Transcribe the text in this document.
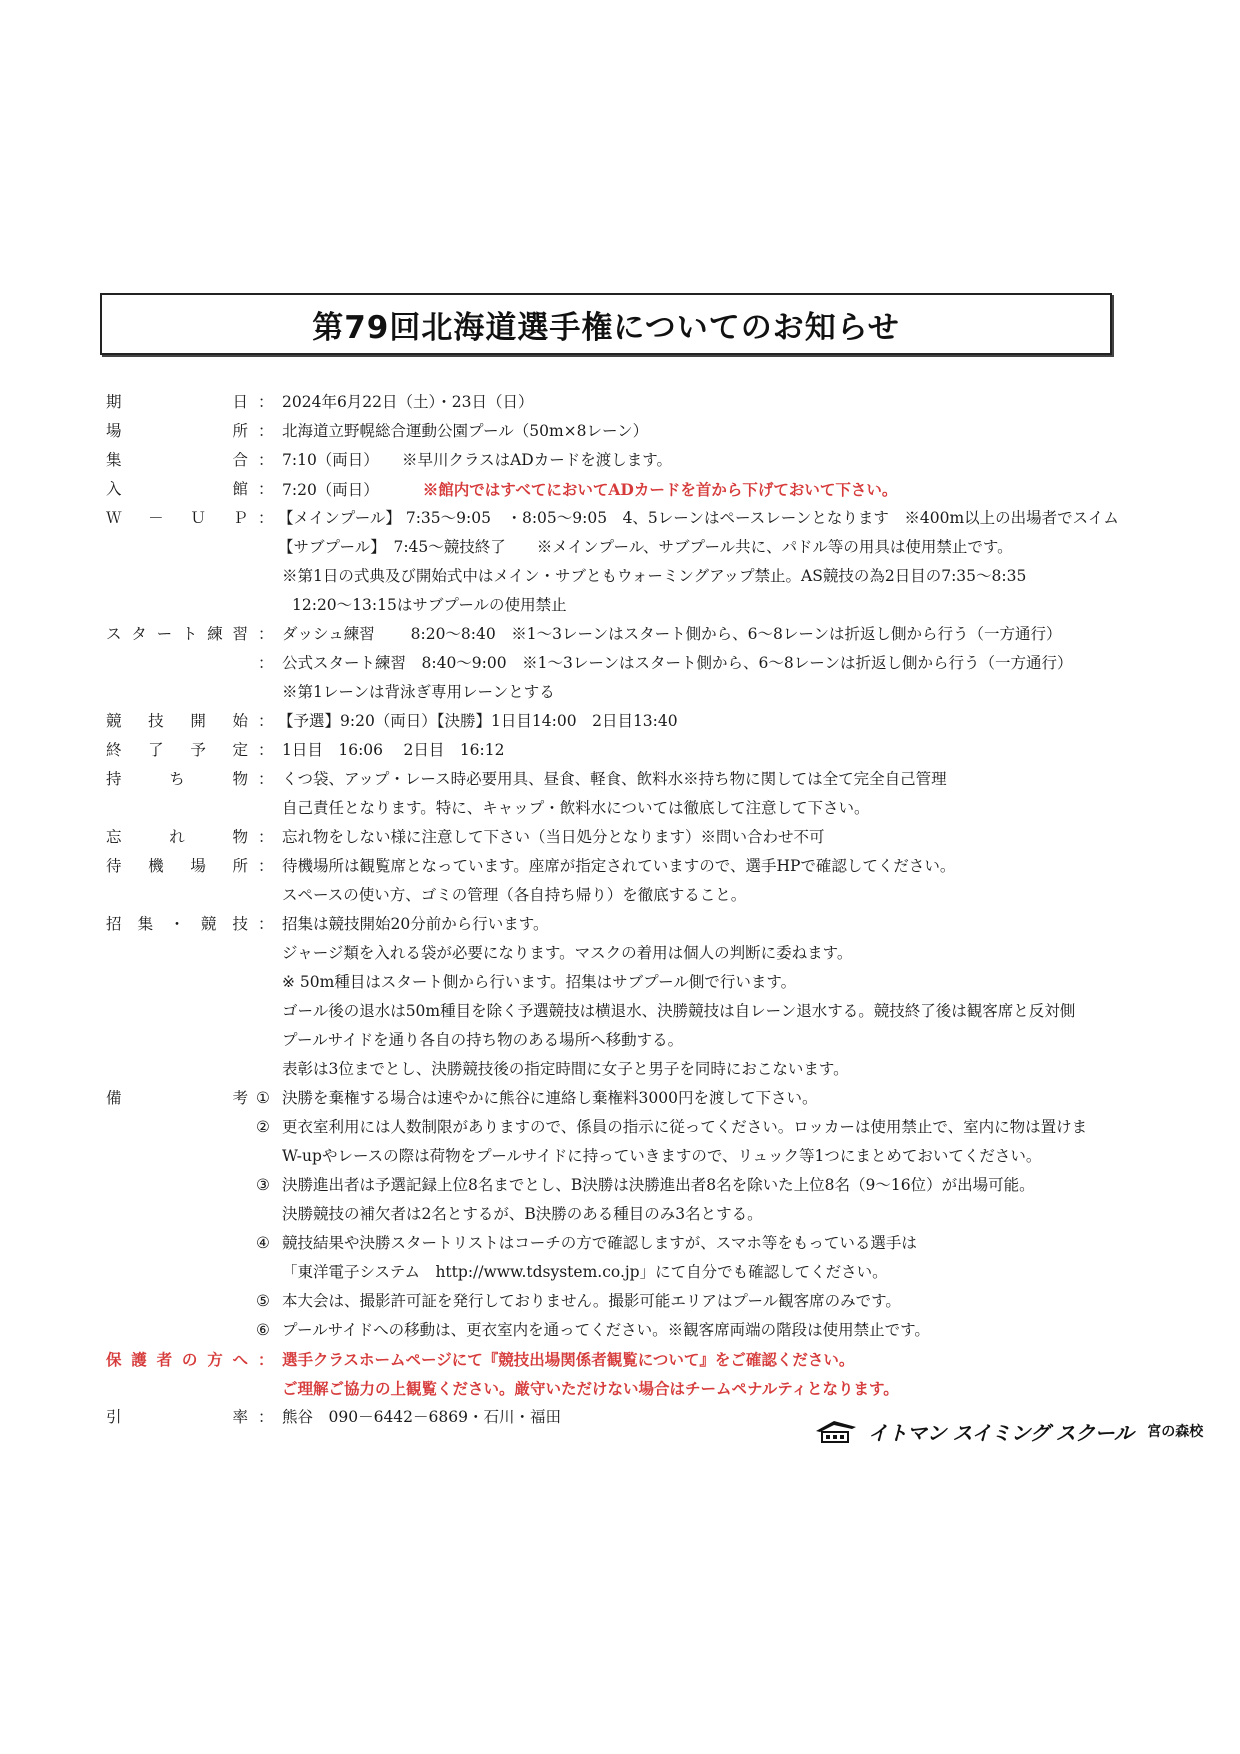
第79回北海道選手権についてのお知らせ
期	日 ： 2024年6月22日（土）・23日（日）
場	所 ： 北海道立野幌総合運動公園プール（50m×8レーン）
集	合 ： 7:10（両日）　　※早川クラスはADカードを渡します。
入	館 ： 7:20（両日）	※館内ではすべてにおいてADカードを首から下げておいて下さい。
Ｗ － Ｕ Ｐ ： 【メインプール】 7:35～9:05　・8:05～9:05　4、5レーンはペースレーンとなります　※400m以上の出場者でスイム
【サブプール】　7:45～競技終了　　※メインプール、サブプール共に、パドル等の用具は使用禁止です。
※第1日の式典及び開始式中はメイン・サブともウォーミングアップ禁止。AS競技の為2日目の7:35～8:35
12:20～13:15はサブプールの使用禁止
ス タ ー ト 練 習 ： ダッシュ練習　　 8:20～8:40　※1～3レーンはスタート側から、6～8レーンは折返し側から行う（一方通行）
： 公式スタート練習　8:40～9:00　※1～3レーンはスタート側から、6～8レーンは折返し側から行う（一方通行）
※第1レーンは背泳ぎ専用レーンとする
競 技 開 始 ： 【予選】9:20（両日）【決勝】1日目14:00　2日目13:40
終 了 予 定 ： 1日目　16:06　 2日目　16:12
持	ち	物 ： くつ袋、アップ・レース時必要用具、昼食、軽食、飲料水※持ち物に関しては全て完全自己管理
自己責任となります。特に、キャップ・飲料水については徹底して注意して下さい。
忘	れ	物 ： 忘れ物をしない様に注意して下さい（当日処分となります）※問い合わせ不可
待 機 場 所 ： 待機場所は観覧席となっています。座席が指定されていますので、選手HPで確認してください。
スペースの使い方、ゴミの管理（各自持ち帰り）を徹底すること。
招 集 ・ 競 技 ： 招集は競技開始20分前から行います。
ジャージ類を入れる袋が必要になります。マスクの着用は個人の判断に委ねます。
※ 50m種目はスタート側から行います。招集はサブプール側で行います。
ゴール後の退水は50m種目を除く予選競技は横退水、決勝競技は自レーン退水する。競技終了後は観客席と反対側
プールサイドを通り各自の持ち物のある場所へ移動する。
表彰は3位までとし、決勝競技後の指定時間に女子と男子を同時におこないます。
備	考 ① 決勝を棄権する場合は速やかに熊谷に連絡し棄権料3000円を渡して下さい。
② 更衣室利用には人数制限がありますので、係員の指示に従ってください。ロッカーは使用禁止で、室内に物は置けま
W-upやレースの際は荷物をプールサイドに持っていきますので、リュック等1つにまとめておいてください。
③ 決勝進出者は予選記録上位8名までとし、B決勝は決勝進出者8名を除いた上位8名（9～16位）が出場可能。
決勝競技の補欠者は2名とするが、B決勝のある種目のみ3名とする。
④ 競技結果や決勝スタートリストはコーチの方で確認しますが、スマホ等をもっている選手は
「東洋電子システム　http://www.tdsystem.co.jp」にて自分でも確認してください。
⑤ 本大会は、撮影許可証を発行しておりません。撮影可能エリアはプール観客席のみです。
⑥ プールサイドへの移動は、更衣室内を通ってください。※観客席両端の階段は使用禁止です。
保 護 者 の 方 へ ： 選手クラスホームページにて『競技出場関係者観覧について』をご確認ください。
ご理解ご協力の上観覧ください。厳守いただけない場合はチームペナルティとなります。
引	率 ： 熊谷　090－6442－6869・石川・福田
イトマン スイミング スクール 宮の森校
